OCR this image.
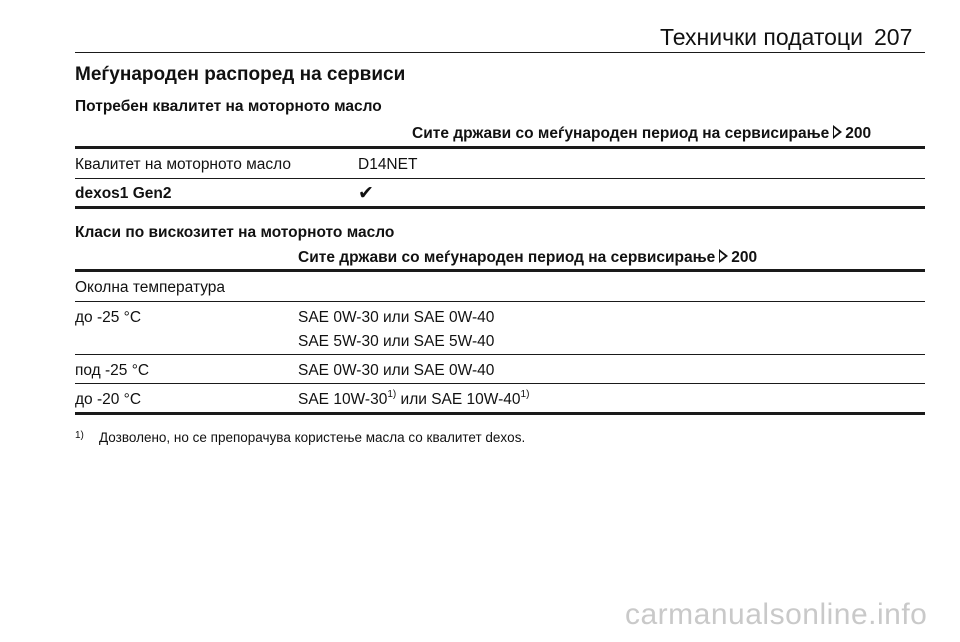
Технички податоци 207
Меѓународен распоред на сервиси
Потребен квалитет на моторното масло
Сите држави со меѓународен период на сервисирање 200
Квалитет на моторното масло	D14NET
dexos1 Gen2	✔
Класи по вискозитет на моторното масло
Сите држави со меѓународен период на сервисирање 200
Околна температура
до -25 °C	SAE 0W-30 или SAE 0W-40
SAE 5W-30 или SAE 5W-40
под -25 °C	SAE 0W-30 или SAE 0W-40
до -20 °C	SAE 10W-30$^{1)}$ или SAE 10W-40$^{1)}$
1) Дозволено, но се препорачува користење масла со квалитет dexos.
carmanualsonline.info
